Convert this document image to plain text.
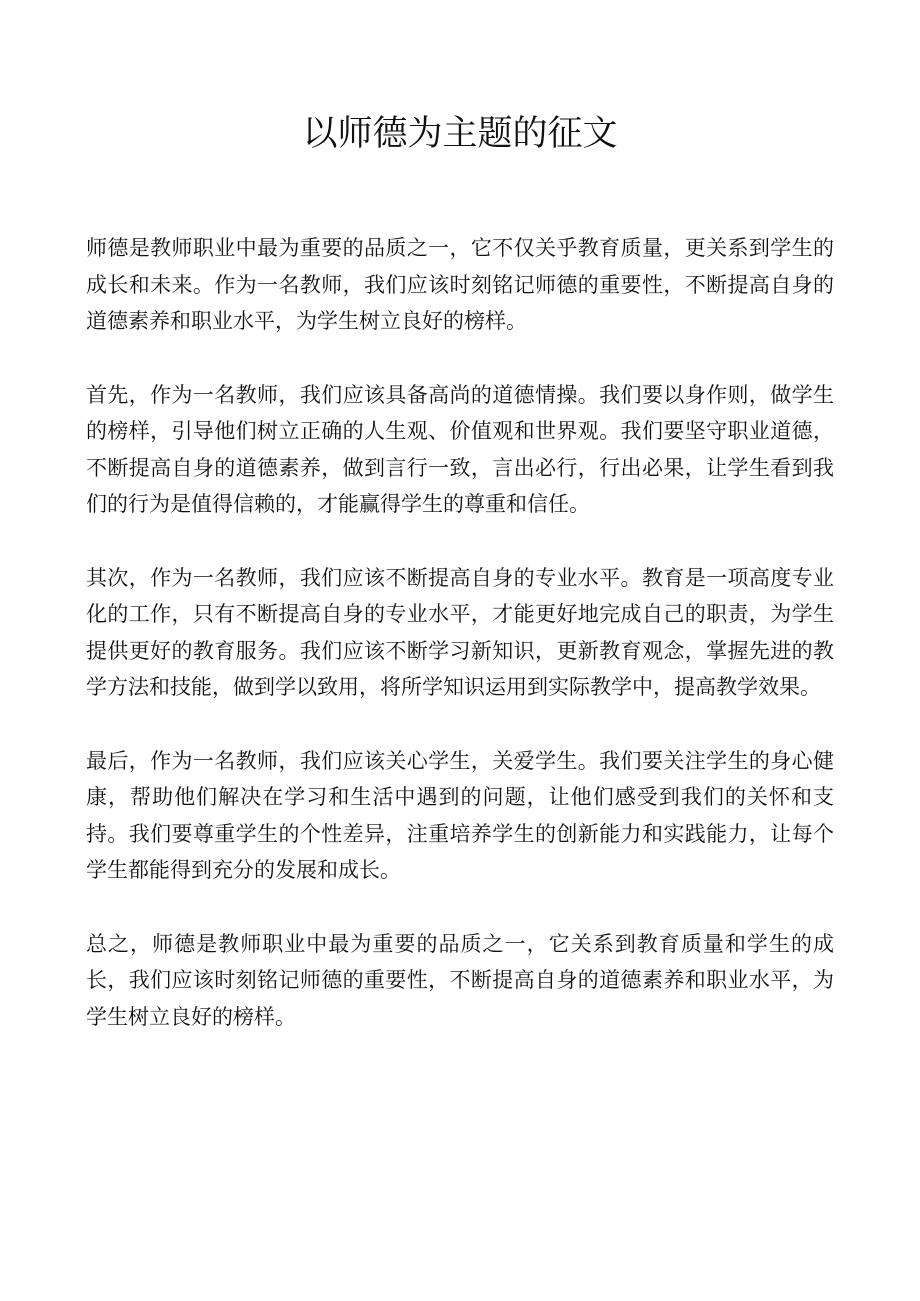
以师德为主题的征文

师德是教师职业中最为重要的品质之一，它不仅关乎教育质量，更关系到学生的成长和未来。作为一名教师，我们应该时刻铭记师德的重要性，不断提高自身的道德素养和职业水平，为学生树立良好的榜样。

首先，作为一名教师，我们应该具备高尚的道德情操。我们要以身作则，做学生的榜样，引导他们树立正确的人生观、价值观和世界观。我们要坚守职业道德，不断提高自身的道德素养，做到言行一致，言出必行，行出必果，让学生看到我们的行为是值得信赖的，才能赢得学生的尊重和信任。

其次，作为一名教师，我们应该不断提高自身的专业水平。教育是一项高度专业化的工作，只有不断提高自身的专业水平，才能更好地完成自己的职责，为学生提供更好的教育服务。我们应该不断学习新知识，更新教育观念，掌握先进的教学方法和技能，做到学以致用，将所学知识运用到实际教学中，提高教学效果。

最后，作为一名教师，我们应该关心学生，关爱学生。我们要关注学生的身心健康，帮助他们解决在学习和生活中遇到的问题，让他们感受到我们的关怀和支持。我们要尊重学生的个性差异，注重培养学生的创新能力和实践能力，让每个学生都能得到充分的发展和成长。

总之，师德是教师职业中最为重要的品质之一，它关系到教育质量和学生的成长，我们应该时刻铭记师德的重要性，不断提高自身的道德素养和职业水平，为学生树立良好的榜样。
